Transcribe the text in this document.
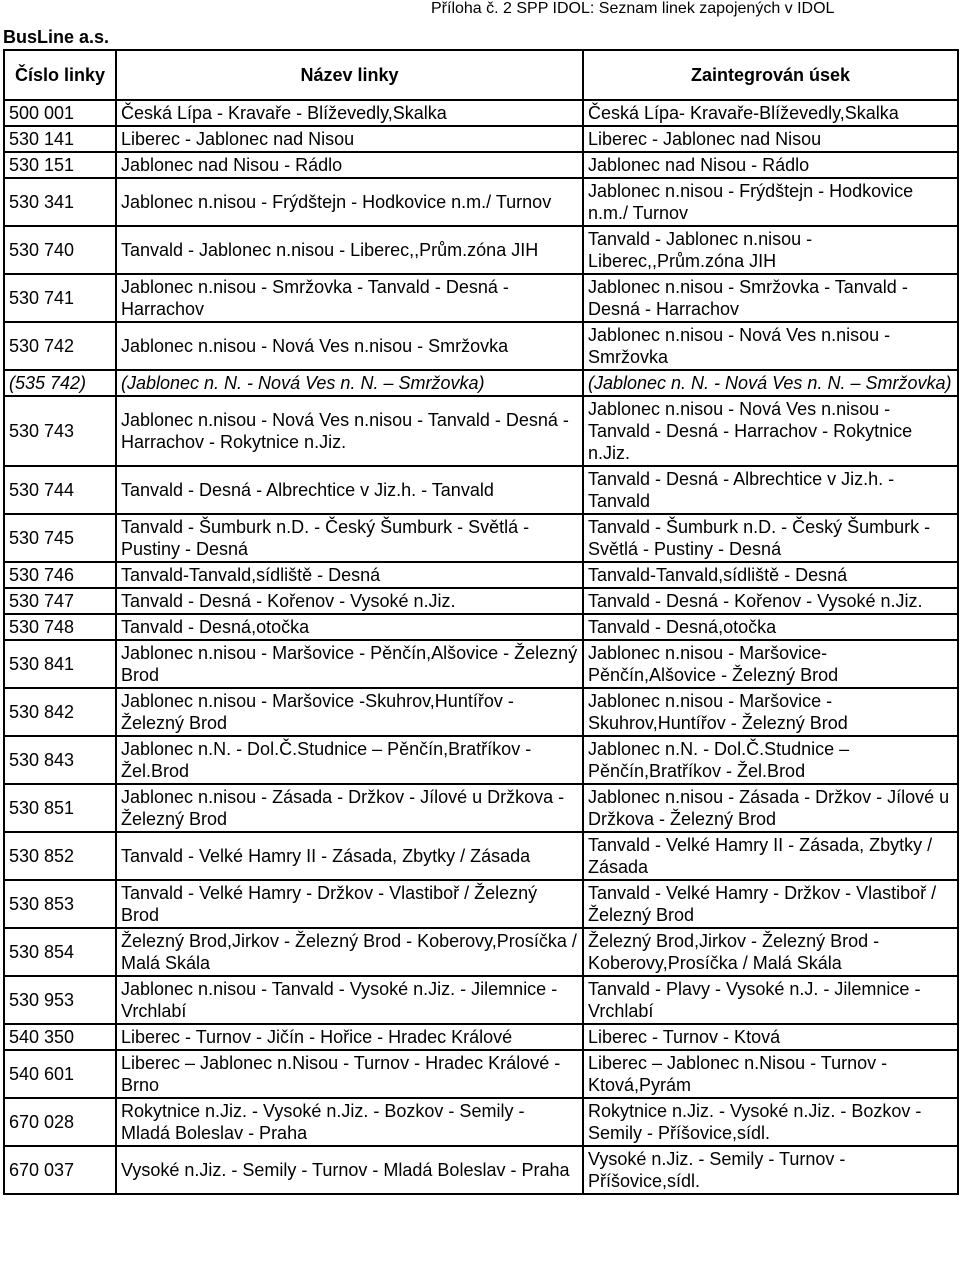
Příloha č. 2 SPP IDOL: Seznam linek zapojených v IDOL
BusLine a.s.
Číslo linky	Název linky	Zaintegrován úsek
500 001	Česká Lípa - Kravaře - Blíževedly,Skalka	Česká Lípa- Kravaře-Blíževedly,Skalka
530 141	Liberec - Jablonec nad Nisou	Liberec - Jablonec nad Nisou
530 151	Jablonec nad Nisou - Rádlo	Jablonec nad Nisou - Rádlo
530 341	Jablonec n.nisou - Frýdštejn - Hodkovice n.m./ Turnov	Jablonec n.nisou - Frýdštejn - Hodkovice n.m./ Turnov
530 740	Tanvald - Jablonec n.nisou - Liberec,,Prům.zóna JIH	Tanvald - Jablonec n.nisou - Liberec,,Prům.zóna JIH
530 741	Jablonec n.nisou - Smržovka - Tanvald - Desná - Harrachov	Jablonec n.nisou - Smržovka - Tanvald - Desná - Harrachov
530 742	Jablonec n.nisou - Nová Ves n.nisou - Smržovka	Jablonec n.nisou - Nová Ves n.nisou - Smržovka
(535 742)	(Jablonec n. N. - Nová Ves n. N. – Smržovka)	(Jablonec n. N. - Nová Ves n. N. – Smržovka)
530 743	Jablonec n.nisou - Nová Ves n.nisou - Tanvald - Desná - Harrachov - Rokytnice n.Jiz.	Jablonec n.nisou - Nová Ves n.nisou - Tanvald - Desná - Harrachov - Rokytnice n.Jiz.
530 744	Tanvald - Desná - Albrechtice v Jiz.h. - Tanvald	Tanvald - Desná - Albrechtice v Jiz.h. - Tanvald
530 745	Tanvald - Šumburk n.D. - Český Šumburk - Světlá - Pustiny - Desná	Tanvald - Šumburk n.D. - Český Šumburk - Světlá - Pustiny - Desná
530 746	Tanvald-Tanvald,sídliště - Desná	Tanvald-Tanvald,sídliště - Desná
530 747	Tanvald - Desná - Kořenov - Vysoké n.Jiz.	Tanvald - Desná - Kořenov - Vysoké n.Jiz.
530 748	Tanvald - Desná,otočka	Tanvald - Desná,otočka
530 841	Jablonec n.nisou - Maršovice - Pěnčín,Alšovice - Železný Brod	Jablonec n.nisou - Maršovice- Pěnčín,Alšovice - Železný Brod
530 842	Jablonec n.nisou - Maršovice -Skuhrov,Huntířov - Železný Brod	Jablonec n.nisou - Maršovice - Skuhrov,Huntířov - Železný Brod
530 843	Jablonec n.N. - Dol.Č.Studnice – Pěnčín,Bratříkov - Žel.Brod	Jablonec n.N. - Dol.Č.Studnice – Pěnčín,Bratříkov - Žel.Brod
530 851	Jablonec n.nisou - Zásada - Držkov - Jílové u Držkova - Železný Brod	Jablonec n.nisou - Zásada - Držkov - Jílové u Držkova - Železný Brod
530 852	Tanvald - Velké Hamry II - Zásada, Zbytky / Zásada	Tanvald - Velké Hamry II - Zásada, Zbytky / Zásada
530 853	Tanvald - Velké Hamry - Držkov - Vlastiboř / Železný Brod	Tanvald - Velké Hamry - Držkov - Vlastiboř / Železný Brod
530 854	Železný Brod,Jirkov - Železný Brod - Koberovy,Prosíčka / Malá Skála	Železný Brod,Jirkov - Železný Brod - Koberovy,Prosíčka / Malá Skála
530 953	Jablonec n.nisou - Tanvald - Vysoké n.Jiz. - Jilemnice - Vrchlabí	Tanvald - Plavy - Vysoké n.J. - Jilemnice - Vrchlabí
540 350	Liberec - Turnov - Jičín - Hořice - Hradec Králové	Liberec - Turnov - Ktová
540 601	Liberec – Jablonec n.Nisou - Turnov - Hradec Králové - Brno	Liberec – Jablonec n.Nisou - Turnov - Ktová,Pyrám
670 028	Rokytnice n.Jiz. - Vysoké n.Jiz. - Bozkov - Semily - Mladá Boleslav - Praha	Rokytnice n.Jiz. - Vysoké n.Jiz. - Bozkov - Semily - Příšovice,sídl.
670 037	Vysoké n.Jiz. - Semily - Turnov - Mladá Boleslav - Praha	Vysoké n.Jiz. - Semily - Turnov - Příšovice,sídl.
